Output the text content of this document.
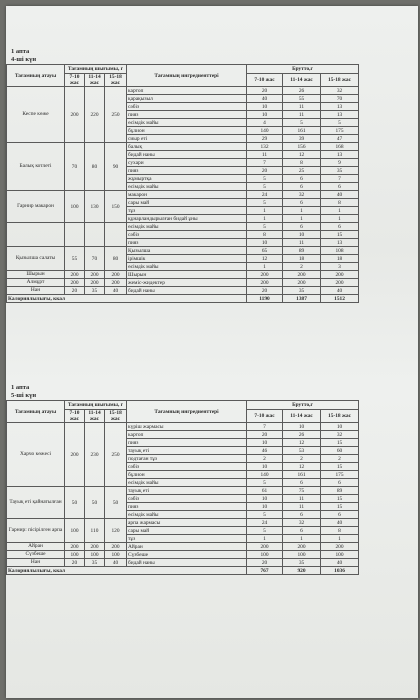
1 апта
4-ші күн
Тағамның атауы	Тағамның шығымы, г			Тағамның ингредиенттері	Брутто,г		
	7-10 жас	11-14 жас	15-18 жас		7-10 жас	11-14 жас	15-18 жас
Кеспе көже	200	220	250	картоп	20	26	32
				қарақызыл	40	55	70
				сәбіз	10	11	13
				пияз	10	11	13
				өсімдік майы	4	5	5
				бұлион	140	161	175
				сиыр еті	29	39	47
Балық котлеті	70	80	90	балық	132	156	168
				бидай наны	11	12	13
				сухари	7	8	9
				пияз	20	25	35
				жұмыртқа	5	6	7
				өсімдік майы	5	6	6
Гарнир макарон	100	130	150	макарон	24	32	40
				сары май	5	6	8
				тұз	1	1	1
				құнарландырылған бидай ұны	1	1	1
				өсімдік майы	5	6	6
				сәбіз	8	10	15
				пияз	10	11	13
Қызылша салаты	55	70	80	Қызылша	65	89	108
				ірімшік	12	18	18
				өсімдік майы	1	2	3
Шырын	200	200	200	Шырын	200	200	200
Алмұрт	200	200	200	жеміс-жидектер	200	200	200
Нан	20	35	40	бидай наны	20	35	40
Калориялылығы, ккал					1190	1387	1512
1 апта
5-ші күн
Тағамның атауы	Тағамның шығымы, г			Тағамның ингредиенттері	Брутто,г		
	7-10 жас	11-14 жас	15-18 жас		7-10 жас	11-14 жас	15-18 жас
Харчо көжесі	200	230	250	күріш жармасы	7	10	10
				картоп	20	26	32
				пияз	10	12	15
				тауық еті	46	53	60
				подтаған тұз	2	2	2
				сәбіз	10	12	15
				бұлион	140	161	175
				өсімдік майы	5	6	6
Тауық еті қайнатылған	50	50	50	тауық еті	61	75	89
				сәбіз	10	11	15
				пияз	10	11	15
				өсімдік майы	5	6	6
Гарнир: пісірілген арпа	100	110	120	арпа жармасы	24	32	40
				сары май	5	6	8
				тұз	1	1	1
Айран	200	200	200	Айран	200	200	200
Сүзбеше	100	100	100	Сүзбеше	100	100	100
Нан	20	35	40	бидай наны	20	35	40
Калориялылығы, ккал					767	920	1036
